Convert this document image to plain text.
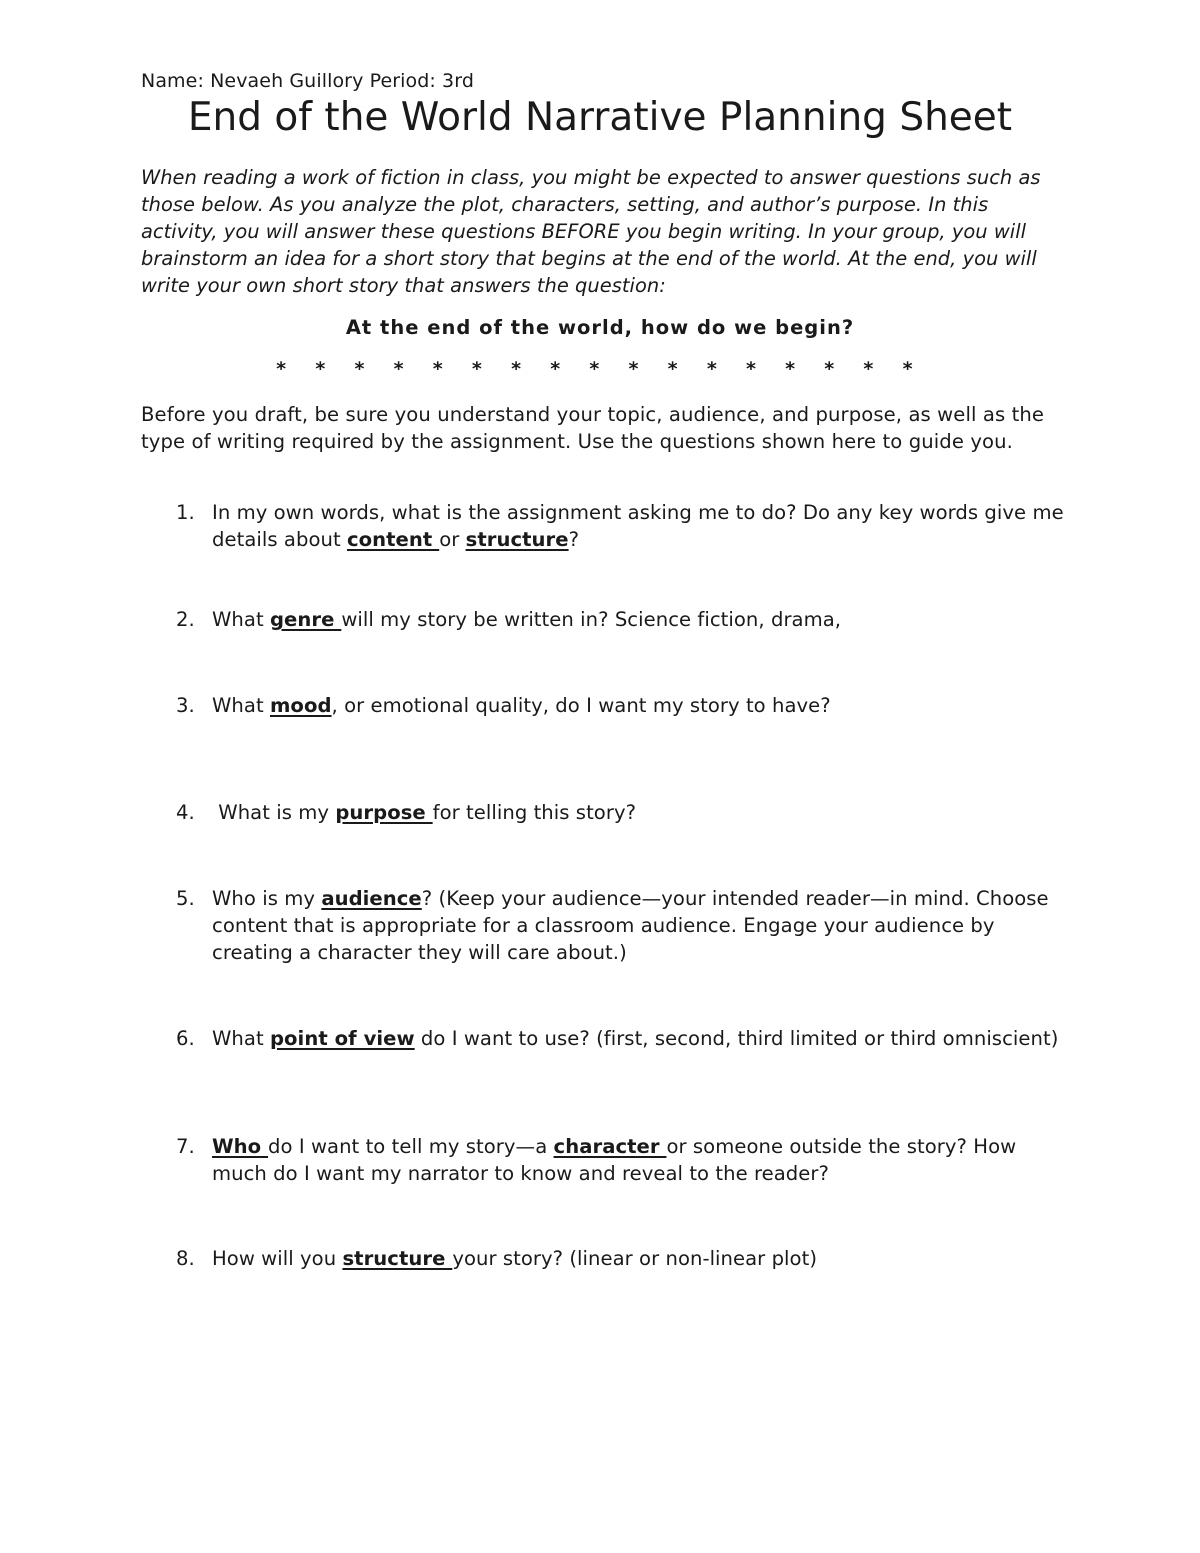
Name: Nevaeh Guillory Period: 3rd
End of the World Narrative Planning Sheet

When reading a work of fiction in class, you might be expected to answer questions such as those below. As you analyze the plot, characters, setting, and author’s purpose. In this activity, you will answer these questions BEFORE you begin writing. In your group, you will brainstorm an idea for a short story that begins at the end of the world. At the end, you will write your own short story that answers the question:

At the end of the world, how do we begin?

* * * * * * * * * * * * * * * * *

Before you draft, be sure you understand your topic, audience, and purpose, as well as the type of writing required by the assignment. Use the questions shown here to guide you.

1. In my own words, what is the assignment asking me to do? Do any key words give me details about content or structure?
2. What genre will my story be written in? Science fiction, drama,
3. What mood, or emotional quality, do I want my story to have?
4. What is my purpose for telling this story?
5. Who is my audience? (Keep your audience—your intended reader—in mind. Choose content that is appropriate for a classroom audience. Engage your audience by creating a character they will care about.)
6. What point of view do I want to use? (first, second, third limited or third omniscient)
7. Who do I want to tell my story—a character or someone outside the story? How much do I want my narrator to know and reveal to the reader?
8. How will you structure your story? (linear or non-linear plot)
